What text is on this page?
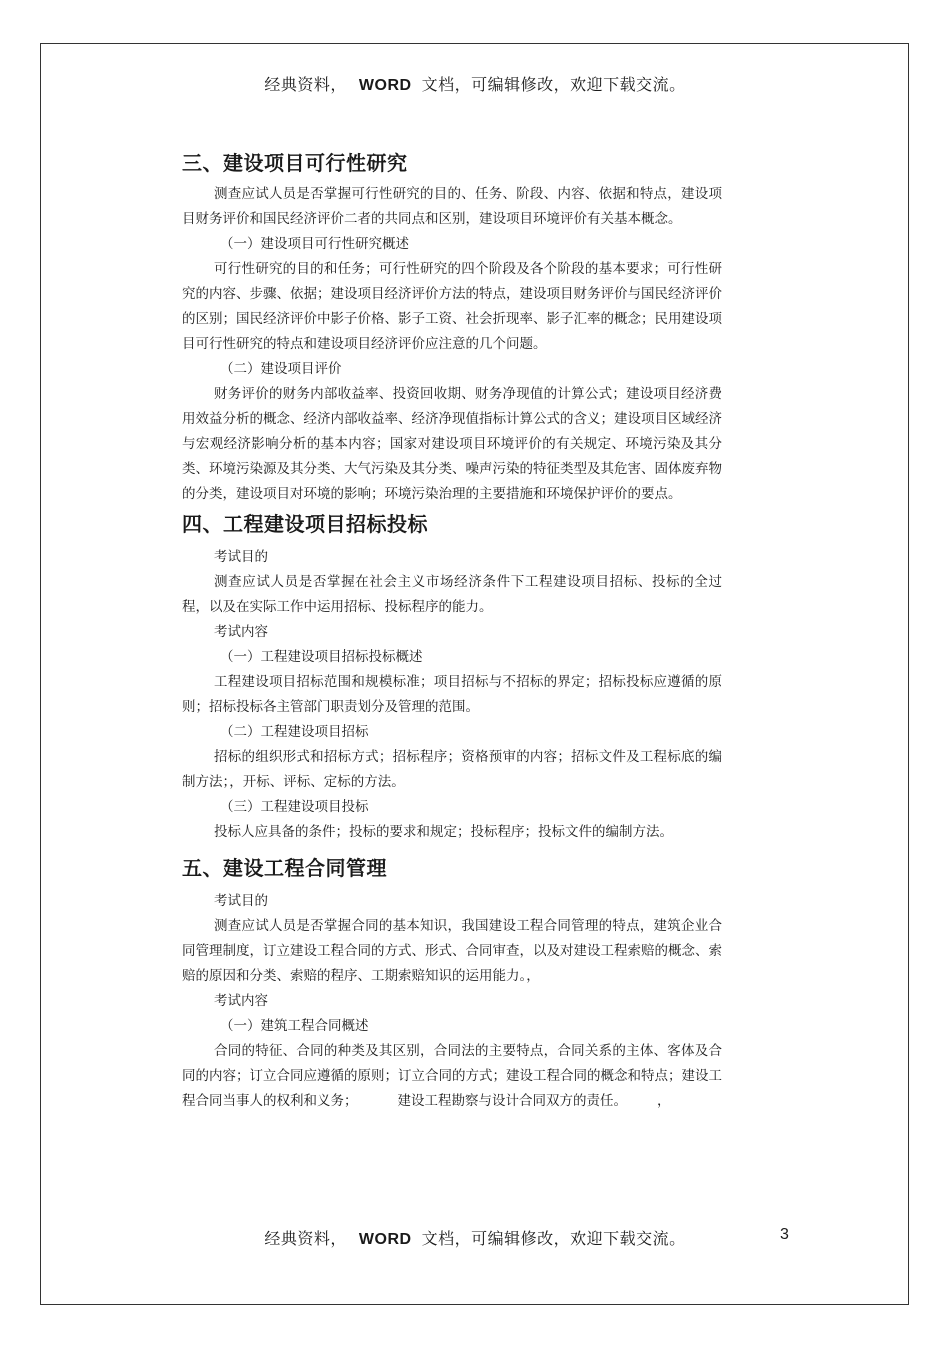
经典资料， WORD 文档，可编辑修改，欢迎下载交流。
三、建设项目可行性研究

测查应试人员是否掌握可行性研究的目的、任务、阶段、内容、依据和特点，建设项目财务评价和国民经济评价二者的共同点和区别，建设项目环境评价有关基本概念。

（一）建设项目可行性研究概述

可行性研究的目的和任务；可行性研究的四个阶段及各个阶段的基本要求；可行性研究的内容、步骤、依据；建设项目经济评价方法的特点，建设项目财务评价与国民经济评价的区别；国民经济评价中影子价格、影子工资、社会折现率、影子汇率的概念；民用建设项目可行性研究的特点和建设项目经济评价应注意的几个问题。

（二）建设项目评价

财务评价的财务内部收益率、投资回收期、财务净现值的计算公式；建设项目经济费用效益分析的概念、经济内部收益率、经济净现值指标计算公式的含义；建设项目区域经济与宏观经济影响分析的基本内容；国家对建设项目环境评价的有关规定、环境污染及其分类、环境污染源及其分类、大气污染及其分类、噪声污染的特征类型及其危害、固体废弃物的分类，建设项目对环境的影响；环境污染治理的主要措施和环境保护评价的要点。

四、工程建设项目招标投标

考试目的

测查应试人员是否掌握在社会主义市场经济条件下工程建设项目招标、投标的全过程，以及在实际工作中运用招标、投标程序的能力。

考试内容

（一）工程建设项目招标投标概述

工程建设项目招标范围和规模标准；项目招标与不招标的界定；招标投标应遵循的原则；招标投标各主管部门职责划分及管理的范围。

（二）工程建设项目招标

招标的组织形式和招标方式；招标程序；资格预审的内容；招标文件及工程标底的编制方法；，开标、评标、定标的方法。

（三）工程建设项目投标

投标人应具备的条件；投标的要求和规定；投标程序；投标文件的编制方法。

五、建设工程合同管理

考试目的

测查应试人员是否掌握合同的基本知识，我国建设工程合同管理的特点，建筑企业合同管理制度，订立建设工程合同的方式、形式、合同审查，以及对建设工程索赔的概念、索赔的原因和分类、索赔的程序、工期索赔知识的运用能力。，

考试内容

（一）建筑工程合同概述

合同的特征、合同的种类及其区别，合同法的主要特点，合同关系的主体、客体及合同的内容；订立合同应遵循的原则；订立合同的方式；建设工程合同的概念和特点；建设工程合同当事人的权利和义务；	建设工程勘察与设计合同双方的责任。 ，

经典资料， WORD 文档，可编辑修改，欢迎下载交流。	3
